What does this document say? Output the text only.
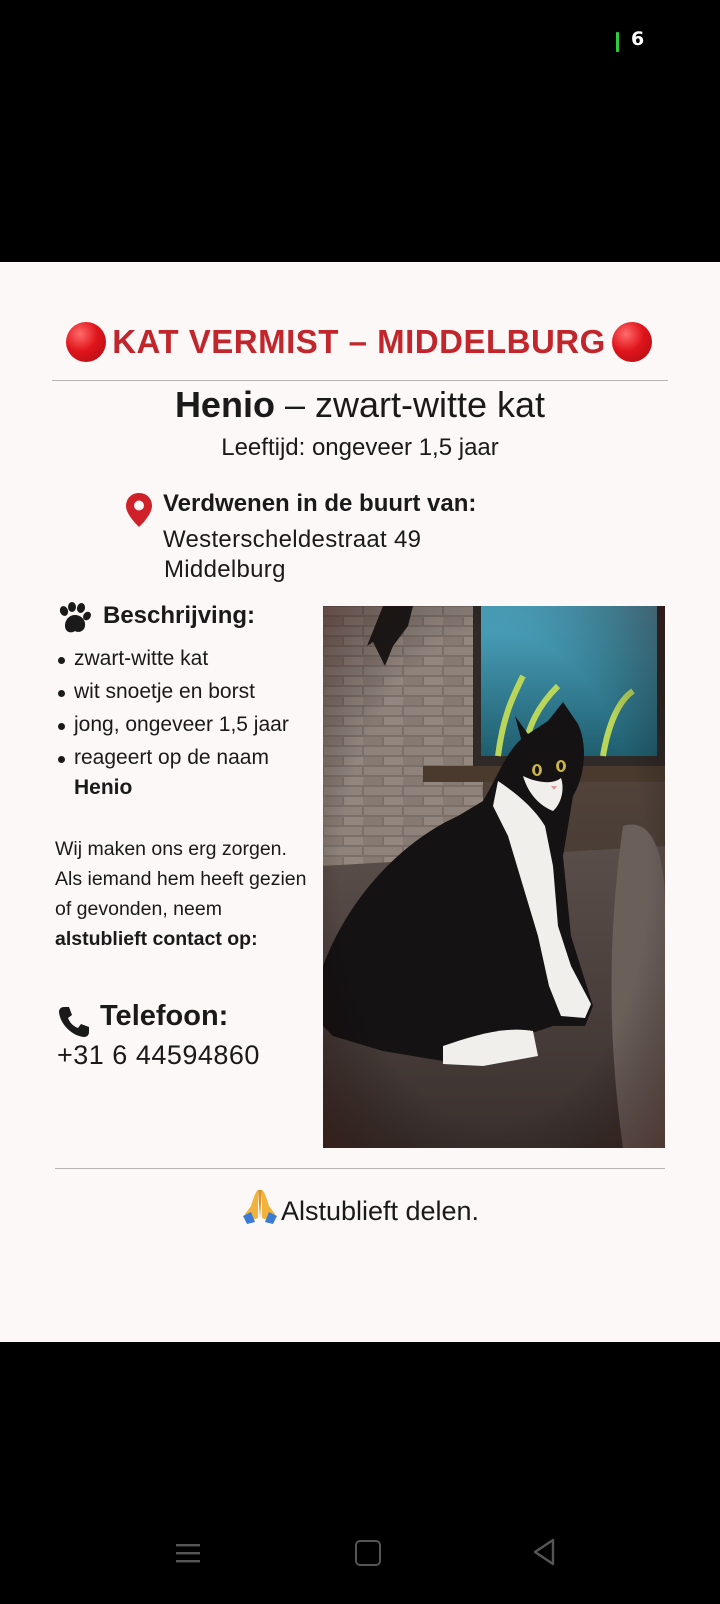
6
KAT VERMIST – MIDDELBURG
Henio – zwart-witte kat
Leeftijd: ongeveer 1,5 jaar
Verdwenen in de buurt van:
Westerscheldestraat 49
Middelburg
Beschrijving:
zwart-witte kat
wit snoetje en borst
jong, ongeveer 1,5 jaar
reageert op de naam Henio
Wij maken ons erg zorgen. Als iemand hem heeft gezien of gevonden, neem alstublieft contact op:
Telefoon:
+31 6 44594860
Alstublieft delen.
